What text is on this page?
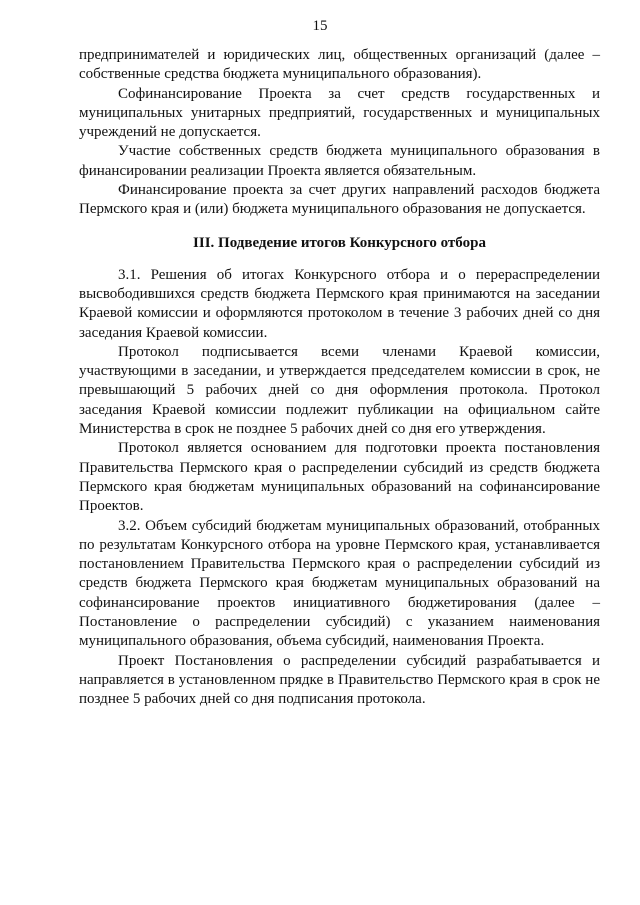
15

предпринимателей и юридических лиц, общественных организаций (далее – собственные средства бюджета муниципального образования).

Софинансирование Проекта за счет средств государственных и муниципальных унитарных предприятий, государственных и муниципальных учреждений не допускается.

Участие собственных средств бюджета муниципального образования в финансировании реализации Проекта является обязательным.

Финансирование проекта за счет других направлений расходов бюджета Пермского края и (или) бюджета муниципального образования не допускается.

III. Подведение итогов Конкурсного отбора

3.1. Решения об итогах Конкурсного отбора и о перераспределении высвободившихся средств бюджета Пермского края принимаются на заседании Краевой комиссии и оформляются протоколом в течение 3 рабочих дней со дня заседания Краевой комиссии.

Протокол подписывается всеми членами Краевой комиссии, участвующими в заседании, и утверждается председателем комиссии в срок, не превышающий 5 рабочих дней со дня оформления протокола. Протокол заседания Краевой комиссии подлежит публикации на официальном сайте Министерства в срок не позднее 5 рабочих дней со дня его утверждения.

Протокол является основанием для подготовки проекта постановления Правительства Пермского края о распределении субсидий из средств бюджета Пермского края бюджетам муниципальных образований на софинансирование Проектов.

3.2. Объем субсидий бюджетам муниципальных образований, отобранных по результатам Конкурсного отбора на уровне Пермского края, устанавливается постановлением Правительства Пермского края о распределении субсидий из средств бюджета Пермского края бюджетам муниципальных образований на софинансирование проектов инициативного бюджетирования (далее – Постановление о распределении субсидий) с указанием наименования муниципального образования, объема субсидий, наименования Проекта.

Проект Постановления о распределении субсидий разрабатывается и направляется в установленном прядке в Правительство Пермского края в срок не позднее 5 рабочих дней со дня подписания протокола.
